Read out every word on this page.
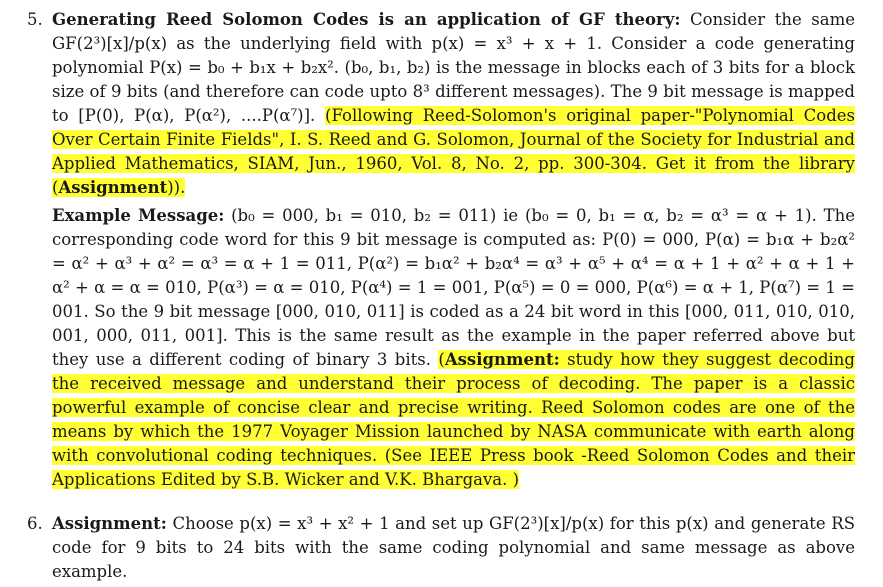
5. Generating Reed Solomon Codes is an application of GF theory: Consider the same GF(2³)[x]/p(x) as the underlying field with p(x) = x³ + x + 1. Consider a code generating polynomial P(x) = b₀ + b₁x + b₂x². (b₀, b₁, b₂) is the message in blocks each of 3 bits for a block size of 9 bits (and therefore can code upto 8³ different messages). The 9 bit message is mapped to [P(0), P(α), P(α²), ....P(α⁷)]. (Following Reed-Solomon's original paper-"Polynomial Codes Over Certain Finite Fields", I. S. Reed and G. Solomon, Journal of the Society for Industrial and Applied Mathematics, SIAM, Jun., 1960, Vol. 8, No. 2, pp. 300-304. Get it from the library (Assignment)).

Example Message: (b₀ = 000, b₁ = 010, b₂ = 011) ie (b₀ = 0, b₁ = α, b₂ = α³ = α + 1). The corresponding code word for this 9 bit message is computed as: P(0) = 000, P(α) = b₁α + b₂α² = α² + α³ + α² = α³ = α + 1 = 011, P(α²) = b₁α² + b₂α⁴ = α³ + α⁵ + α⁴ = α + 1 + α² + α + 1 + α² + α = α = 010, P(α³) = α = 010, P(α⁴) = 1 = 001, P(α⁵) = 0 = 000, P(α⁶) = α + 1, P(α⁷) = 1 = 001. So the 9 bit message [000, 010, 011] is coded as a 24 bit word in this [000, 011, 010, 010, 001, 000, 011, 001]. This is the same result as the example in the paper referred above but they use a different coding of binary 3 bits. (Assignment: study how they suggest decoding the received message and understand their process of decoding. The paper is a classic powerful example of concise clear and precise writing. Reed Solomon codes are one of the means by which the 1977 Voyager Mission launched by NASA communicate with earth along with convolutional coding techniques. (See IEEE Press book -Reed Solomon Codes and their Applications Edited by S.B. Wicker and V.K. Bhargava. )

6. Assignment: Choose p(x) = x³ + x² + 1 and set up GF(2³)[x]/p(x) for this p(x) and generate RS code for 9 bits to 24 bits with the same coding polynomial and same message as above example.
